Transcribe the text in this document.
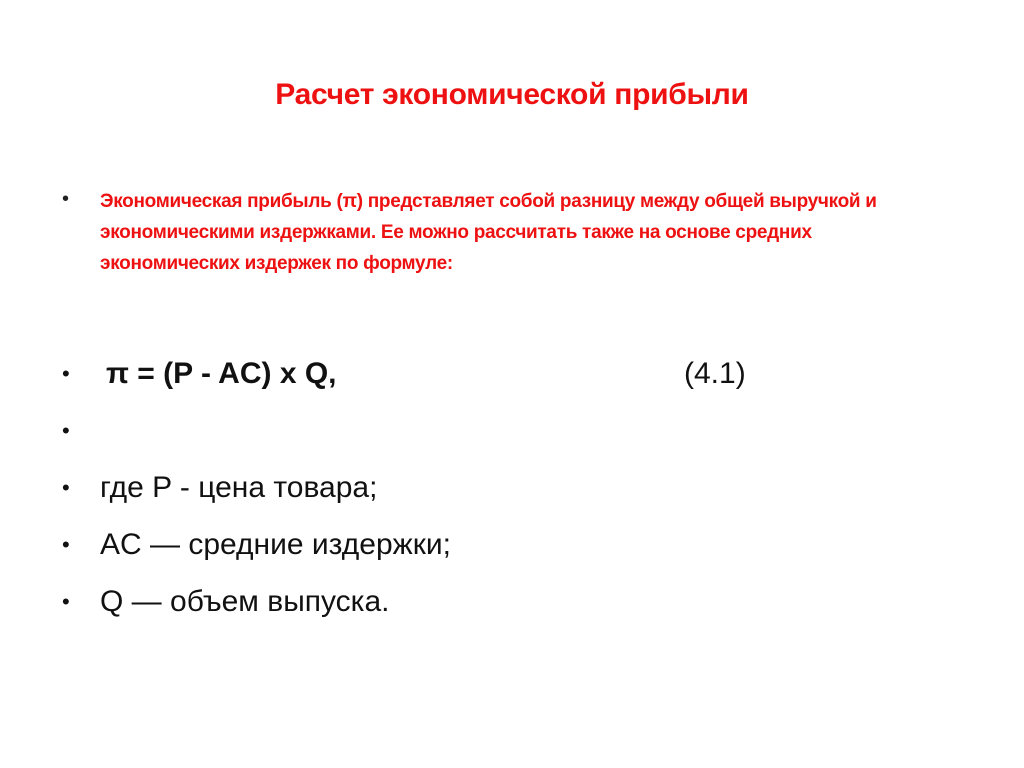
Расчет экономической прибыли
• Экономическая прибыль (π) представляет собой разницу между общей выручкой и экономическими издержками. Ее можно рассчитать также на основе средних экономических издержек по формуле:
• π = (P - AC) x Q,	(4.1)
•
• где P - цена товара;
• AC — средние издержки;
• Q — объем выпуска.
